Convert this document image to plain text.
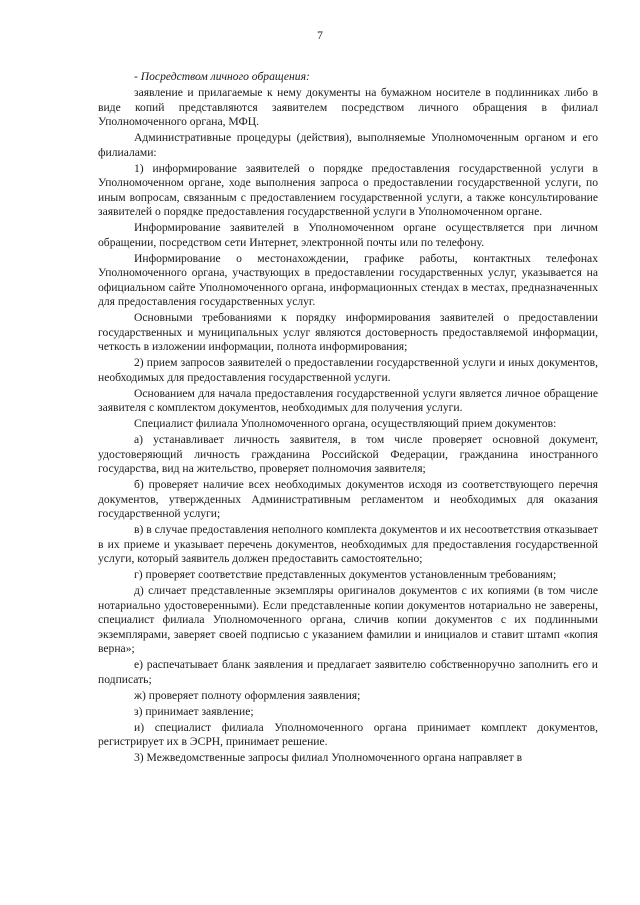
7

- Посредством личного обращения:

заявление и прилагаемые к нему документы на бумажном носителе в подлинниках либо в виде копий представляются заявителем посредством личного обращения в филиал Уполномоченного органа, МФЦ.

Административные процедуры (действия), выполняемые Уполномоченным органом и его филиалами:

1) информирование заявителей о порядке предоставления государственной услуги в Уполномоченном органе, ходе выполнения запроса о предоставлении государственной услуги, по иным вопросам, связанным с предоставлением государственной услуги, а также консультирование заявителей о порядке предоставления государственной услуги в Уполномоченном органе.

Информирование заявителей в Уполномоченном органе осуществляется при личном обращении, посредством сети Интернет, электронной почты или по телефону.

Информирование о местонахождении, графике работы, контактных телефонах Уполномоченного органа, участвующих в предоставлении государственных услуг, указывается на официальном сайте Уполномоченного органа, информационных стендах в местах, предназначенных для предоставления государственных услуг.

Основными требованиями к порядку информирования заявителей о предоставлении государственных и муниципальных услуг являются достоверность предоставляемой информации, четкость в изложении информации, полнота информирования;

2) прием запросов заявителей о предоставлении государственной услуги и иных документов, необходимых для предоставления государственной услуги.

Основанием для начала предоставления государственной услуги является личное обращение заявителя с комплектом документов, необходимых для получения услуги.

Специалист филиала Уполномоченного органа, осуществляющий прием документов:

а) устанавливает личность заявителя, в том числе проверяет основной документ, удостоверяющий личность гражданина Российской Федерации, гражданина иностранного государства, вид на жительство, проверяет полномочия заявителя;

б) проверяет наличие всех необходимых документов исходя из соответствующего перечня документов, утвержденных Административным регламентом и необходимых для оказания государственной услуги;

в) в случае предоставления неполного комплекта документов и их несоответствия отказывает в их приеме и указывает перечень документов, необходимых для предоставления государственной услуги, который заявитель должен предоставить самостоятельно;

г) проверяет соответствие представленных документов установленным требованиям;

д) сличает представленные экземпляры оригиналов документов с их копиями (в том числе нотариально удостоверенными). Если представленные копии документов нотариально не заверены, специалист филиала Уполномоченного органа, сличив копии документов с их подлинными экземплярами, заверяет своей подписью с указанием фамилии и инициалов и ставит штамп «копия верна»;

е) распечатывает бланк заявления и предлагает заявителю собственноручно заполнить его и подписать;

ж) проверяет полноту оформления заявления;

з) принимает заявление;

и) специалист филиала Уполномоченного органа принимает комплект документов, регистрирует их в ЭСРН, принимает решение.

3) Межведомственные запросы филиал Уполномоченного органа направляет в
